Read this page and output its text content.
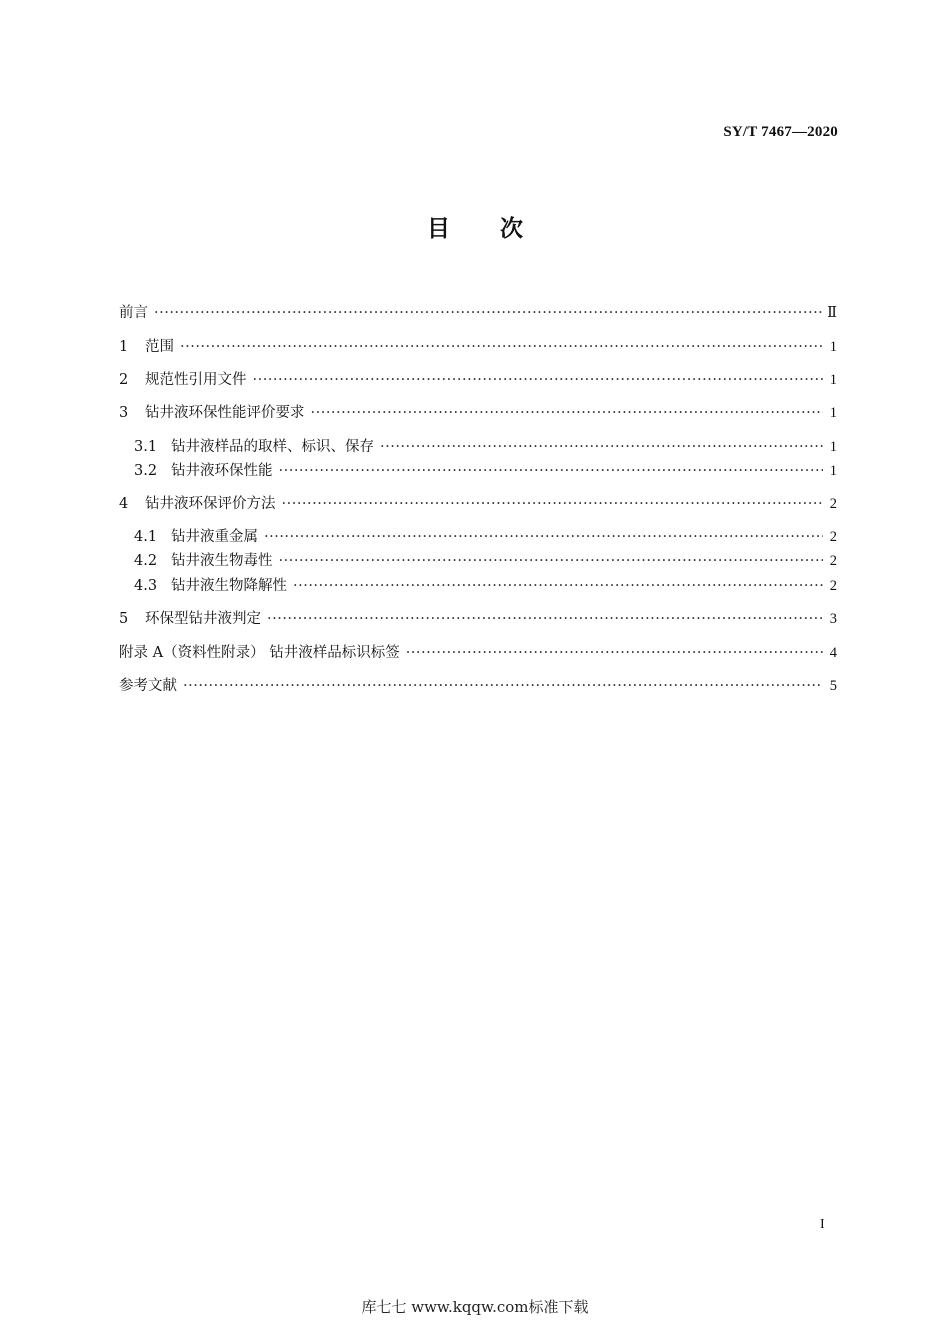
SY/T 7467—2020
目 次
前言 ·····	Ⅱ
1	范围 ·····	1
2	规范性引用文件 ·····	1
3	钻井液环保性能评价要求 ·····	1
3.1 钻井液样品的取样、标识、保存 ·····	1
3.2 钻井液环保性能 ·····	1
4	钻井液环保评价方法 ·····	2
4.1 钻井液重金属 ·····	2
4.2 钻井液生物毒性 ·····	2
4.3 钻井液生物降解性 ·····	2
5	环保型钻井液判定 ·····	3
附录 A（资料性附录） 钻井液样品标识标签 ·····	4
参考文献 ·····	5
I
库七七 www.kqqw.com标准下载
